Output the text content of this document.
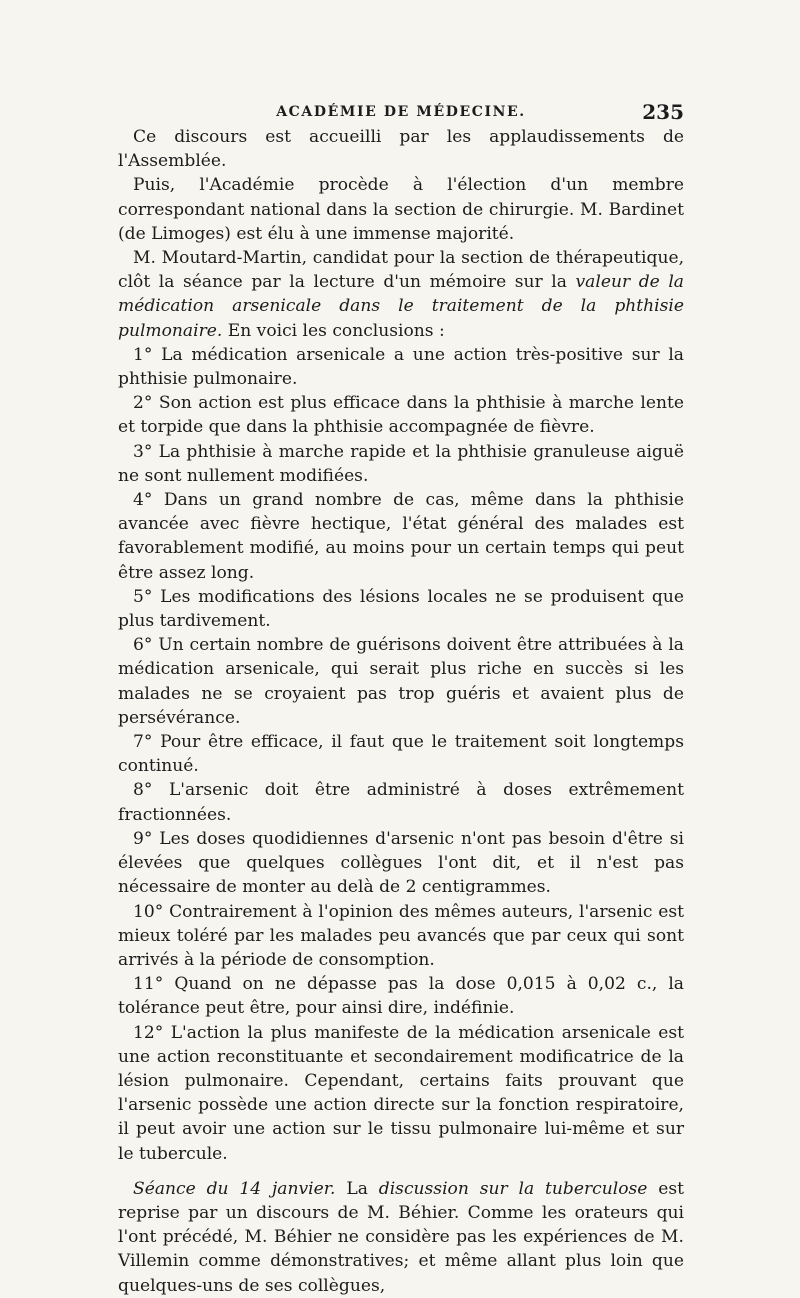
ACADÉMIE DE MÉDECINE.	235

Ce discours est accueilli par les applaudissements de l'Assemblée.

Puis, l'Académie procède à l'élection d'un membre correspondant national dans la section de chirurgie. M. Bardinet (de Limoges) est élu à une immense majorité.

M. Moutard-Martin, candidat pour la section de thérapeutique, clôt la séance par la lecture d'un mémoire sur la valeur de la médication arsenicale dans le traitement de la phthisie pulmonaire. En voici les conclusions :

1° La médication arsenicale a une action très-positive sur la phthisie pulmonaire.

2° Son action est plus efficace dans la phthisie à marche lente et torpide que dans la phthisie accompagnée de fièvre.

3° La phthisie à marche rapide et la phthisie granuleuse aiguë ne sont nullement modifiées.

4° Dans un grand nombre de cas, même dans la phthisie avancée avec fièvre hectique, l'état général des malades est favorablement modifié, au moins pour un certain temps qui peut être assez long.

5° Les modifications des lésions locales ne se produisent que plus tardivement.

6° Un certain nombre de guérisons doivent être attribuées à la médication arsenicale, qui serait plus riche en succès si les malades ne se croyaient pas trop guéris et avaient plus de persévérance.

7° Pour être efficace, il faut que le traitement soit longtemps continué.

8° L'arsenic doit être administré à doses extrêmement fractionnées.

9° Les doses quodidiennes d'arsenic n'ont pas besoin d'être si élevées que quelques collègues l'ont dit, et il n'est pas nécessaire de monter au delà de 2 centigrammes.

10° Contrairement à l'opinion des mêmes auteurs, l'arsenic est mieux toléré par les malades peu avancés que par ceux qui sont arrivés à la période de consomption.

11° Quand on ne dépasse pas la dose 0,015 à 0,02 c., la tolérance peut être, pour ainsi dire, indéfinie.

12° L'action la plus manifeste de la médication arsenicale est une action reconstituante et secondairement modificatrice de la lésion pulmonaire. Cependant, certains faits prouvant que l'arsenic possède une action directe sur la fonction respiratoire, il peut avoir une action sur le tissu pulmonaire lui-même et sur le tubercule.

Séance du 14 janvier. La discussion sur la tuberculose est reprise par un discours de M. Béhier. Comme les orateurs qui l'ont précédé, M. Béhier ne considère pas les expériences de M. Villemin comme démonstratives; et même allant plus loin que quelques-uns de ses collègues,
